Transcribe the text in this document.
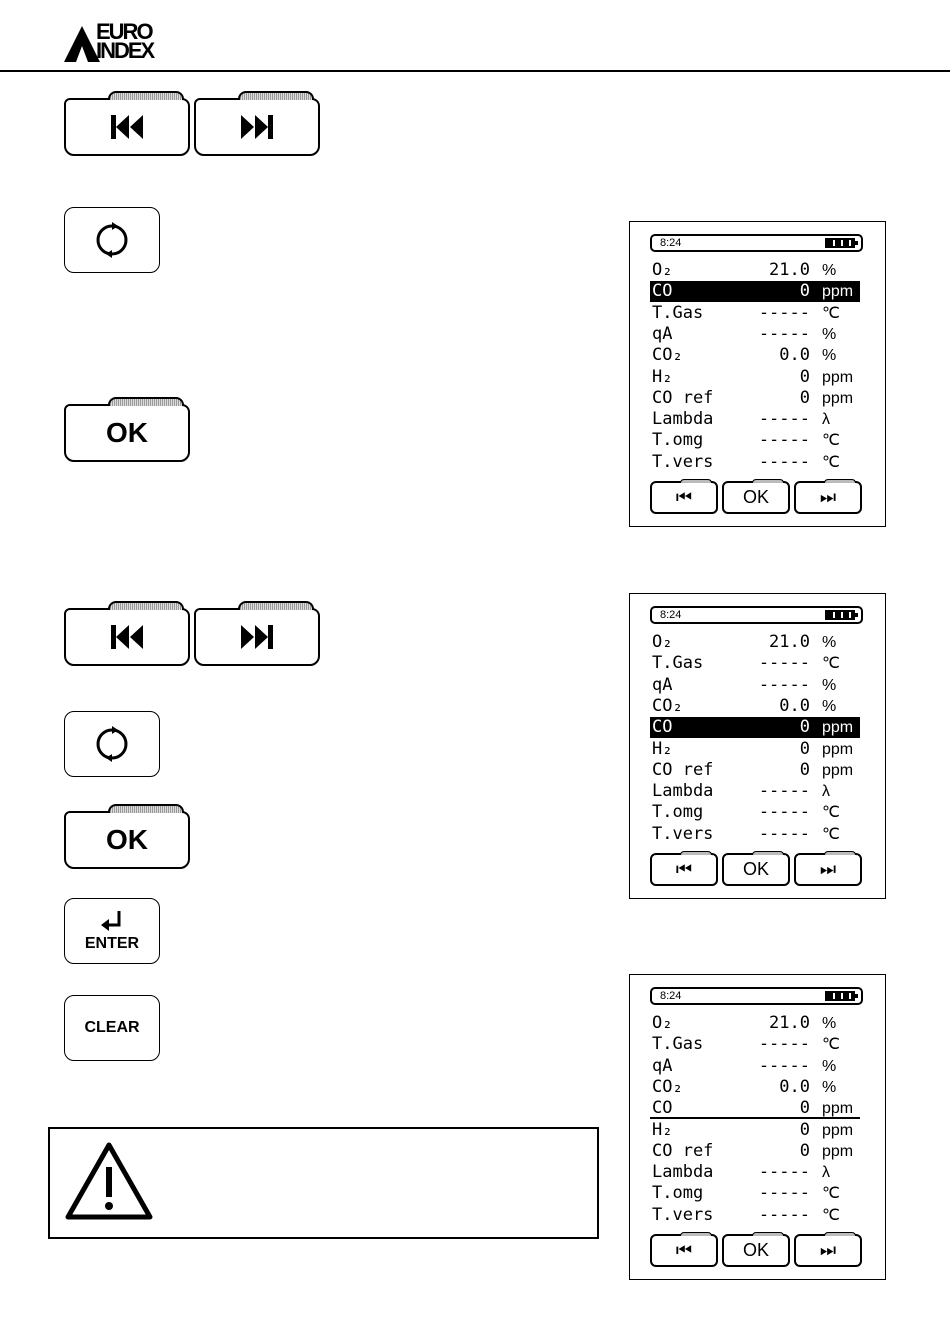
EURO
INDEX
OK
OK
ENTER
CLEAR
8:24
O₂	21.0 %
CO	0 ppm
T.Gas	----- ℃
qA	----- %
CO₂	0.0 %
H₂	0 ppm
CO ref	0 ppm
Lambda	----- λ
T.omg	----- ℃
T.vers	----- ℃
⏮	OK	⏭
8:24
O₂	21.0 %
T.Gas	----- ℃
qA	----- %
CO₂	0.0 %
CO	0 ppm
H₂	0 ppm
CO ref	0 ppm
Lambda	----- λ
T.omg	----- ℃
T.vers	----- ℃
⏮	OK	⏭
8:24
O₂	21.0 %
T.Gas	----- ℃
qA	----- %
CO₂	0.0 %
CO	0 ppm
H₂	0 ppm
CO ref	0 ppm
Lambda	----- λ
T.omg	----- ℃
T.vers	----- ℃
⏮	OK	⏭
